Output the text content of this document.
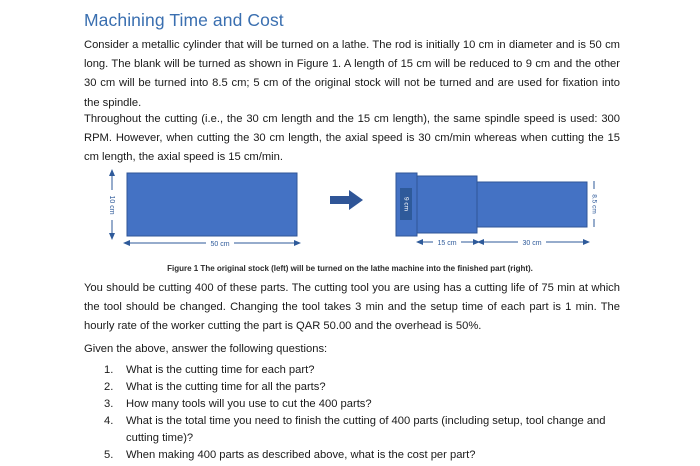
Machining Time and Cost

Consider a metallic cylinder that will be turned on a lathe. The rod is initially 10 cm in diameter and is 50 cm long. The blank will be turned as shown in Figure 1. A length of 15 cm will be reduced to 9 cm and the other 30 cm will be turned into 8.5 cm; 5 cm of the original stock will not be turned and are used for fixation into the spindle.

Throughout the cutting (i.e., the 30 cm length and the 15 cm length), the same spindle speed is used: 300 RPM. However, when cutting the 30 cm length, the axial speed is 30 cm/min whereas when cutting the 15 cm length, the axial speed is 15 cm/min.

10 cm
50 cm
9 cm	8.5 cm
15 cm	30 cm
Figure 1 The original stock (left) will be turned on the lathe machine into the finished part (right).

You should be cutting 400 of these parts. The cutting tool you are using has a cutting life of 75 min at which the tool should be changed. Changing the tool takes 3 min and the setup time of each part is 1 min. The hourly rate of the worker cutting the part is QAR 50.00 and the overhead is 50%.

Given the above, answer the following questions:

1. What is the cutting time for each part?
2. What is the cutting time for all the parts?
3. How many tools will you use to cut the 400 parts?
4. What is the total time you need to finish the cutting of 400 parts (including setup, tool change and cutting time)?
5. When making 400 parts as described above, what is the cost per part?
